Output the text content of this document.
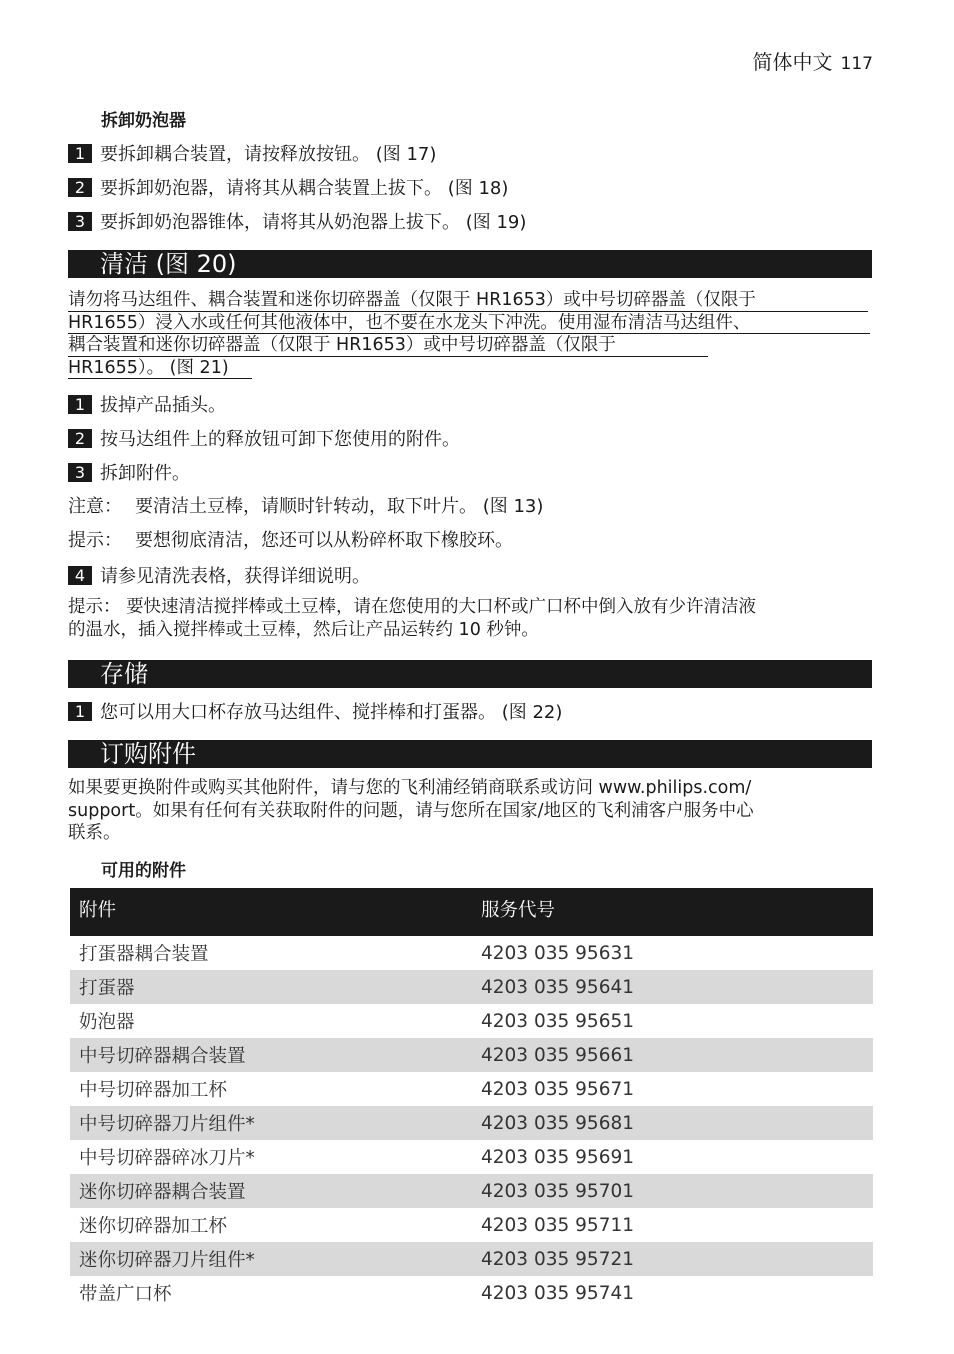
简体中文 117
拆卸奶泡器
1 要拆卸耦合装置，请按释放按钮。 (图 17)
2 要拆卸奶泡器，请将其从耦合装置上拔下。 (图 18)
3 要拆卸奶泡器锥体，请将其从奶泡器上拔下。 (图 19)
清洁 (图 20)
请勿将马达组件、耦合装置和迷你切碎器盖（仅限于 HR1653）或中号切碎器盖（仅限于
HR1655）浸入水或任何其他液体中，也不要在水龙头下冲洗。使用湿布清洁马达组件、
耦合装置和迷你切碎器盖（仅限于 HR1653）或中号切碎器盖（仅限于
HR1655）。 (图 21)
1 拔掉产品插头。
2 按马达组件上的释放钮可卸下您使用的附件。
3 拆卸附件。
注意： 要清洁土豆棒，请顺时针转动，取下叶片。 (图 13)
提示： 要想彻底清洁，您还可以从粉碎杯取下橡胶环。
4 请参见清洗表格，获得详细说明。
提示： 要快速清洁搅拌棒或土豆棒，请在您使用的大口杯或广口杯中倒入放有少许清洁液
的温水，插入搅拌棒或土豆棒，然后让产品运转约 10 秒钟。
存储
1 您可以用大口杯存放马达组件、搅拌棒和打蛋器。 (图 22)
订购附件
如果要更换附件或购买其他附件，请与您的飞利浦经销商联系或访问 www.philips.com/
support。如果有任何有关获取附件的问题，请与您所在国家/地区的飞利浦客户服务中心
联系。
可用的附件
附件	服务代号
打蛋器耦合装置	4203 035 95631
打蛋器	4203 035 95641
奶泡器	4203 035 95651
中号切碎器耦合装置	4203 035 95661
中号切碎器加工杯	4203 035 95671
中号切碎器刀片组件*	4203 035 95681
中号切碎器碎冰刀片*	4203 035 95691
迷你切碎器耦合装置	4203 035 95701
迷你切碎器加工杯	4203 035 95711
迷你切碎器刀片组件*	4203 035 95721
带盖广口杯	4203 035 95741
